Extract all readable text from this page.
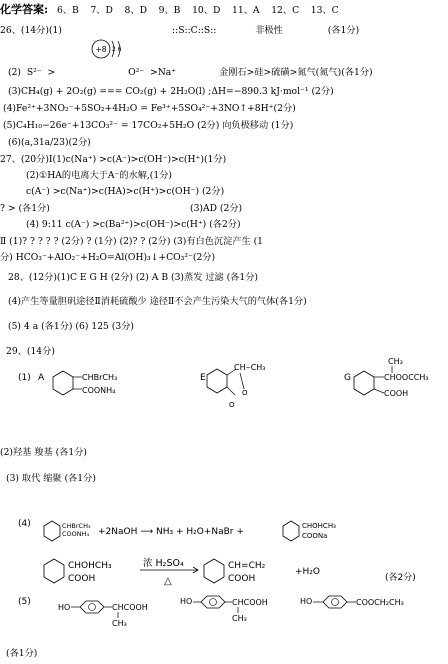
化学答案: 6、B    7、D    8、D    9、B    10、D    11、A    12、C    13、C
26、(14分)(1)
+8 2 6
::S::C::S::	非极性	(各1分)
(2)  S²⁻  >	O²⁻  >Na⁺	金刚石>硅>硫磺>氮气(氮气)(各1分)
(3)CH₄(g) + 2O₂(g) === CO₂(g) + 2H₂O(l) ;ΔH=−890.3 kJ·mol⁻¹ (2分)
(4)Fe²⁺+3NO₂⁻+5SO₂+4H₂O = Fe³⁺+5SO₄²⁻+3NO↑+8H⁺(2分)
(5)C₄H₁₀−26e⁻+13CO₃²⁻ = 17CO₂+5H₂O (2分) 向负极移动 (1分)
(6)(a,31a/23)(2分)
27、(20分)Ⅰ(1)c(Na⁺) >c(A⁻)>c(OH⁻)>c(H⁺)(1分)
(2)①HA的电离大于A⁻的水解,(1分)
c(A⁻) >c(Na⁺)>c(HA)>c(H⁺)>c(OH⁻) (2分)
? > (各1分)	(3)AD (2分)
(4) 9:11 c(A⁻) >c(Ba²⁺)>c(OH⁻)>c(H⁺) (各2分)
Ⅱ (1)? ? ? ? ? (2分) ? (1分) (2)? ? (2分) (3)有白色沉淀产生 (1
分) HCO₃⁻+AlO₂⁻+H₂O=Al(OH)₃↓+CO₃²⁻(2分)
28、(12分)(1)C E G H (2分) (2) A B (3)蒸发 过滤 (各1分)
(4)产生等量胆矾途径Ⅱ消耗硫酸少 途径Ⅱ不会产生污染大气的气体(各1分)
(5) 4 a (各1分) (6) 125 (3分)
29、(14分)
(1) A	CHBrCH₃
COONH₄
E
CH‒CH₃
O
O
G
CH₃
CHOOCCH₃
COOH
(2)羟基 羧基 (各1分)
(3) 取代 缩聚 (各1分)
(4)	CHBrCH₃
COONH₄ +2NaOH ⟶ NH₃ + H₂O+NaBr +
CHOHCH₃
COONa
CHOHCH₃
COOH
浓 H₂SO₄
△
CH=CH₂
COOH
+H₂O
(各2分)
(5)
HO	CHCOOH
CH₃
HO	CHCOOH
CH₃
HO	COOCH₂CH₃
(各1分)
